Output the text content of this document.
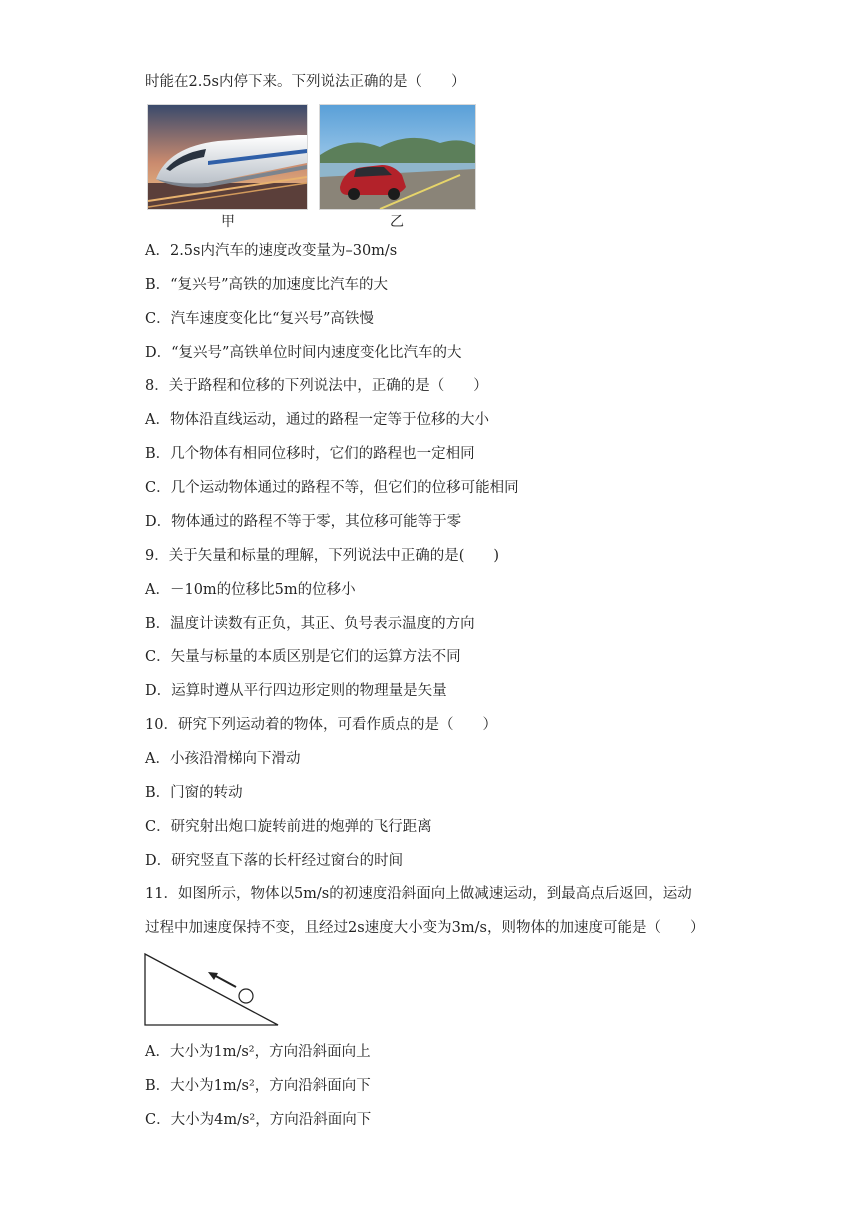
时能在2.5s内停下来。下列说法正确的是（　　）
甲	乙
A．2.5s内汽车的速度改变量为–30m/s
B．“复兴号”高铁的加速度比汽车的大
C．汽车速度变化比“复兴号”高铁慢
D．“复兴号”高铁单位时间内速度变化比汽车的大
8．关于路程和位移的下列说法中，正确的是（　　）
A．物体沿直线运动，通过的路程一定等于位移的大小
B．几个物体有相同位移时，它们的路程也一定相同
C．几个运动物体通过的路程不等，但它们的位移可能相同
D．物体通过的路程不等于零，其位移可能等于零
9．关于矢量和标量的理解，下列说法中正确的是(　　)
A．－10m的位移比5m的位移小
B．温度计读数有正负，其正、负号表示温度的方向
C．矢量与标量的本质区别是它们的运算方法不同
D．运算时遵从平行四边形定则的物理量是矢量
10．研究下列运动着的物体，可看作质点的是（　　）
A．小孩沿滑梯向下滑动
B．门窗的转动
C．研究射出炮口旋转前进的炮弹的飞行距离
D．研究竖直下落的长杆经过窗台的时间
11．如图所示，物体以5m/s的初速度沿斜面向上做减速运动，到最高点后返回，运动
过程中加速度保持不变，且经过2s速度大小变为3m/s，则物体的加速度可能是（　　）
A．大小为1m/s²，方向沿斜面向上
B．大小为1m/s²，方向沿斜面向下
C．大小为4m/s²，方向沿斜面向下
